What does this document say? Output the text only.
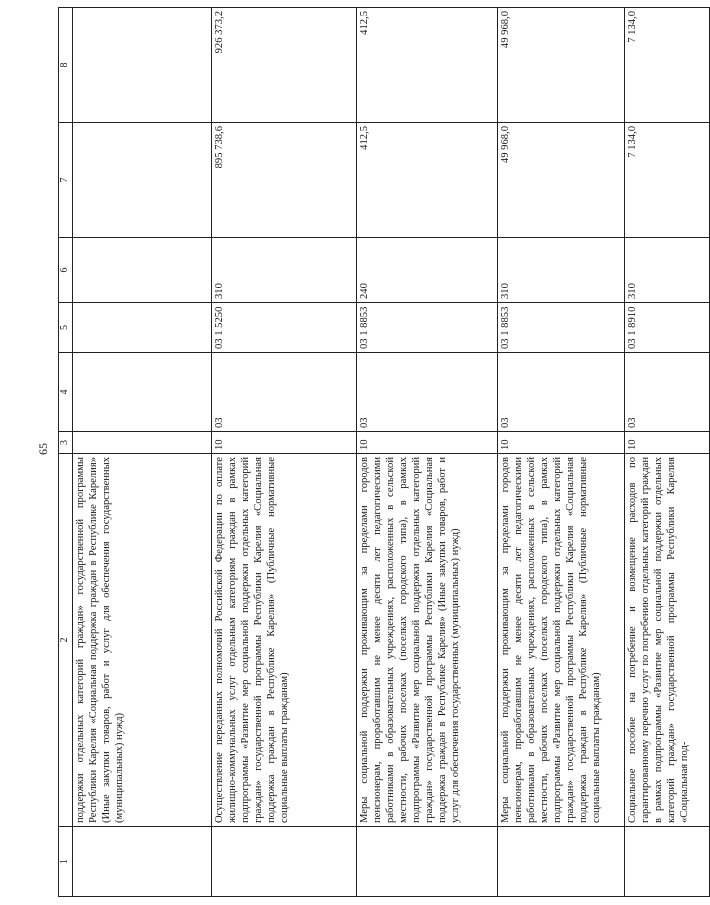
65
1	2	3	4	5	6	7	8
	поддержки отдельных категорий граждан» государственной программы Республики Карелия «Социальная поддержка граждан в Республике Карелия» (Иные закупки товаров, работ и услуг для обеспечения государственных (муниципальных) нужд)						
	Осуществление переданных полномочий Российской Федерации по оплате жилищно-коммунальных услуг отдельным категориям граждан в рамках подпрограммы «Развитие мер социальной поддержки отдельных категорий граждан» государственной программы Республики Карелия «Социальная поддержка граждан в Республике Карелия» (Публичные нормативные социальные выплаты гражданам)	10	03	03 1 5250	310	895 738,6	926 373,2
	Меры социальной поддержки проживающим за пределами городов пенсионерам, проработавшим не менее десяти лет педагогическими работниками в образовательных учреждениях, расположенных в сельской местности, рабочих поселках (поселках городского типа), в рамках подпрограммы «Развитие мер социальной поддержки отдельных категорий граждан» государственной программы Республики Карелия «Социальная поддержка граждан в Республике Карелия» (Иные закупки товаров, работ и услуг для обеспечения государственных (муниципальных) нужд)	10	03	03 1 8853	240	412,5	412,5
	Меры социальной поддержки проживающим за пределами городов пенсионерам, проработавшим не менее десяти лет педагогическими работниками в образовательных учреждениях, расположенных в сельской местности, рабочих поселках (поселках городского типа), в рамках подпрограммы «Развитие мер социальной поддержки отдельных категорий граждан» государственной программы Республики Карелия «Социальная поддержка граждан в Республике Карелия» (Публичные нормативные социальные выплаты гражданам)	10	03	03 1 8853	310	49 968,0	49 968,0
	Социальное пособие на погребение и возмещение расходов по гарантированному перечню услуг по погребению отдельных категорий граждан в рамках подпрограммы «Развитие мер социальной поддержки отдельных категорий граждан» государственной программы Республики Карелия «Социальная под-	10	03	03 1 8910	310	7 134,0	7 134,0
